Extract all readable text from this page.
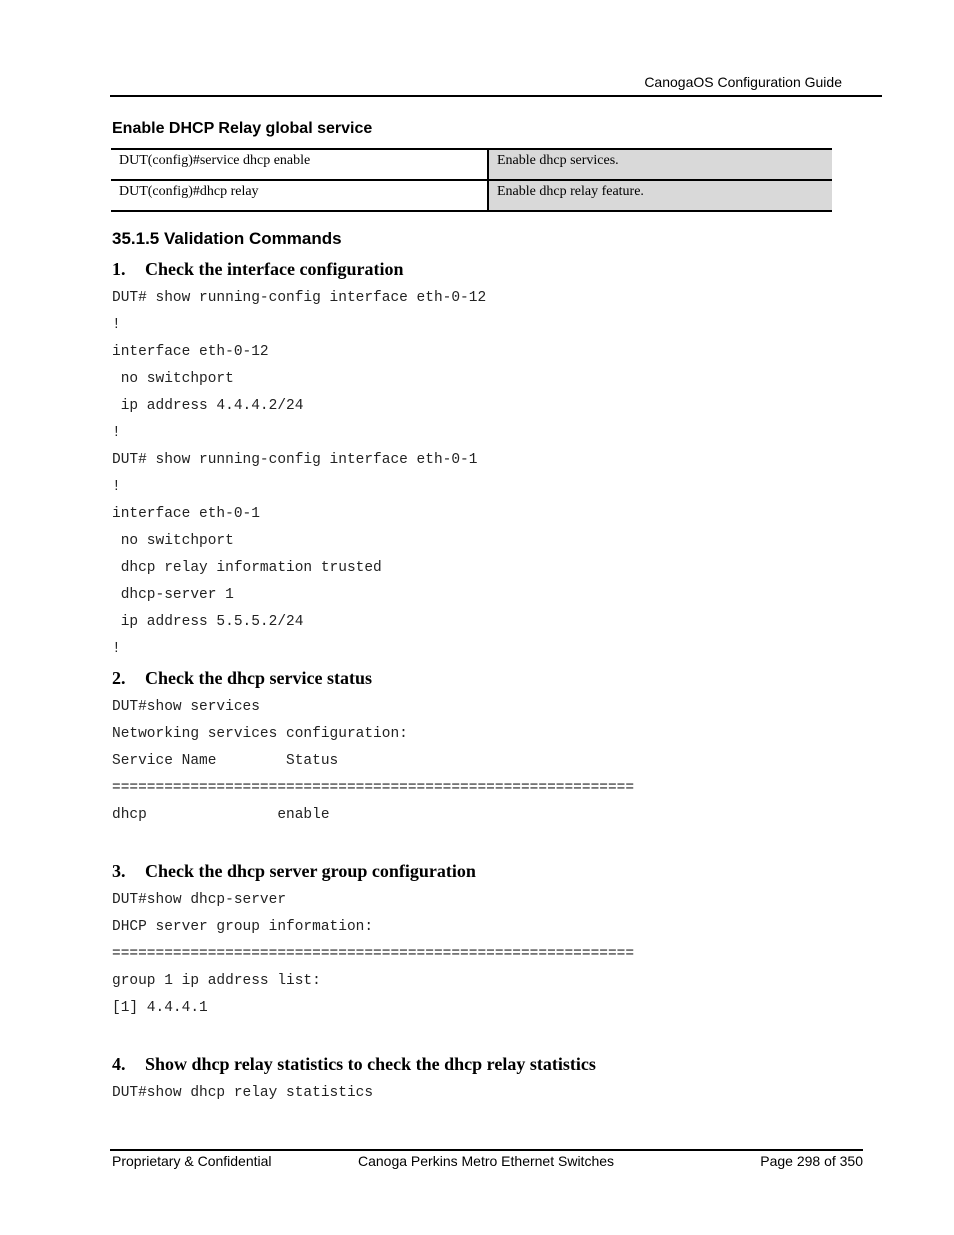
CanogaOS Configuration Guide
Enable DHCP Relay global service
DUT(config)#service dhcp enable	Enable dhcp services.
DUT(config)#dhcp relay	Enable dhcp relay feature.
35.1.5 Validation Commands
1. Check the interface configuration
DUT# show running-config interface eth-0-12
!
interface eth-0-12
no switchport
ip address 4.4.4.2/24
!
DUT# show running-config interface eth-0-1
!
interface eth-0-1
no switchport
dhcp relay information trusted
dhcp-server 1
ip address 5.5.5.2/24
!
2. Check the dhcp service status
DUT#show services
Networking services configuration:
Service Name        Status
============================================================
dhcp               enable
3. Check the dhcp server group configuration
DUT#show dhcp-server
DHCP server group information:
============================================================
group 1 ip address list:
[1] 4.4.4.1
4. Show dhcp relay statistics to check the dhcp relay statistics
DUT#show dhcp relay statistics
Proprietary & Confidential	Canoga Perkins Metro Ethernet Switches	Page 298 of 350
